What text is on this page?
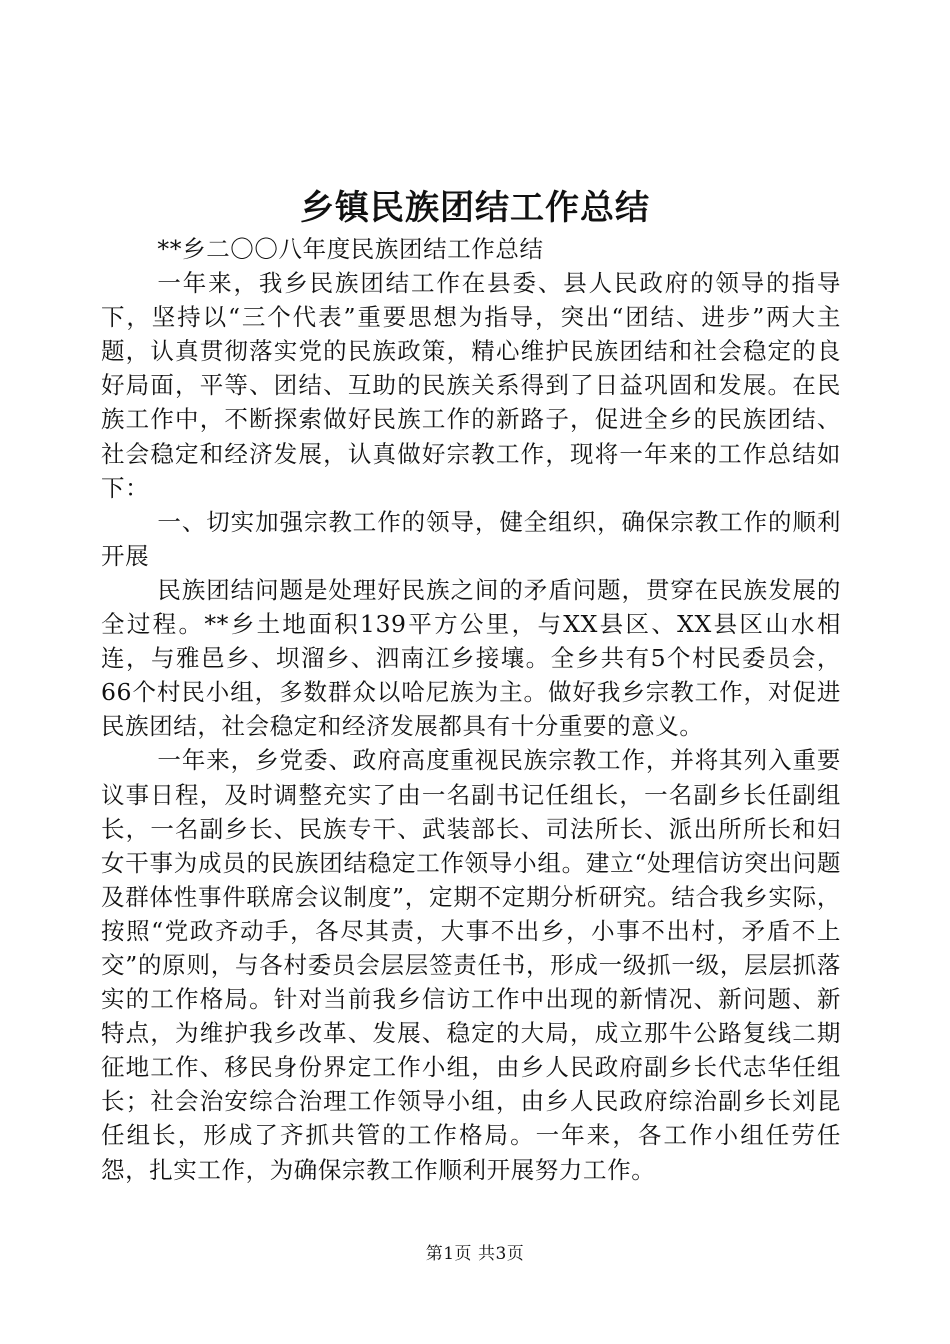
乡镇民族团结工作总结

**乡二〇〇八年度民族团结工作总结

一年来，我乡民族团结工作在县委、县人民政府的领导的指导下，坚持以“三个代表”重要思想为指导，突出“团结、进步”两大主题，认真贯彻落实党的民族政策，精心维护民族团结和社会稳定的良好局面，平等、团结、互助的民族关系得到了日益巩固和发展。在民族工作中，不断探索做好民族工作的新路子，促进全乡的民族团结、社会稳定和经济发展，认真做好宗教工作，现将一年来的工作总结如下：

一、切实加强宗教工作的领导，健全组织，确保宗教工作的顺利开展

民族团结问题是处理好民族之间的矛盾问题，贯穿在民族发展的全过程。**乡土地面积139平方公里，与XX县区、XX县区山水相连，与雅邑乡、坝溜乡、泗南江乡接壤。全乡共有5个村民委员会，66个村民小组，多数群众以哈尼族为主。做好我乡宗教工作，对促进民族团结，社会稳定和经济发展都具有十分重要的意义。

一年来，乡党委、政府高度重视民族宗教工作，并将其列入重要议事日程，及时调整充实了由一名副书记任组长，一名副乡长任副组长，一名副乡长、民族专干、武装部长、司法所长、派出所所长和妇女干事为成员的民族团结稳定工作领导小组。建立“处理信访突出问题及群体性事件联席会议制度”，定期不定期分析研究。结合我乡实际，按照“党政齐动手，各尽其责，大事不出乡，小事不出村，矛盾不上交”的原则，与各村委员会层层签责任书，形成一级抓一级，层层抓落实的工作格局。针对当前我乡信访工作中出现的新情况、新问题、新特点，为维护我乡改革、发展、稳定的大局，成立那牛公路复线二期征地工作、移民身份界定工作小组，由乡人民政府副乡长代志华任组长；社会治安综合治理工作领导小组，由乡人民政府综治副乡长刘昆任组长，形成了齐抓共管的工作格局。一年来，各工作小组任劳任怨，扎实工作，为确保宗教工作顺利开展努力工作。

第1页 共3页
